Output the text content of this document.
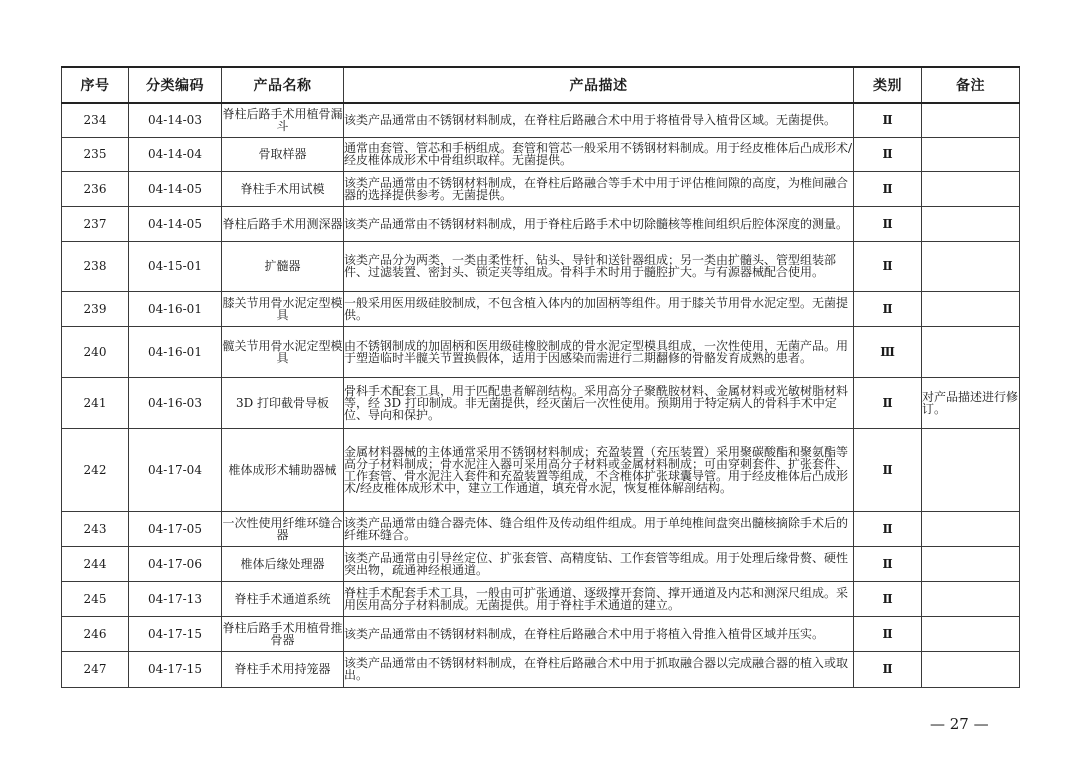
序号	分类编码	产品名称	产品描述	类别	备注
234	04-14-03	脊柱后路手术用植骨漏斗	该类产品通常由不锈钢材料制成，在脊柱后路融合术中用于将植骨导入植骨区域。无菌提供。	Ⅱ	
235	04-14-04	骨取样器	通常由套管、管芯和手柄组成。套管和管芯一般采用不锈钢材料制成。用于经皮椎体后凸成形术/经皮椎体成形术中骨组织取样。无菌提供。	Ⅱ	
236	04-14-05	脊柱手术用试模	该类产品通常由不锈钢材料制成，在脊柱后路融合等手术中用于评估椎间隙的高度，为椎间融合器的选择提供参考。无菌提供。	Ⅱ	
237	04-14-05	脊柱后路手术用测深器	该类产品通常由不锈钢材料制成，用于脊柱后路手术中切除髓核等椎间组织后腔体深度的测量。	Ⅱ	
238	04-15-01	扩髓器	该类产品分为两类，一类由柔性杆、钻头、导针和送针器组成；另一类由扩髓头、管型组装部件、过滤装置、密封头、锁定夹等组成。骨科手术时用于髓腔扩大。与有源器械配合使用。	Ⅱ	
239	04-16-01	膝关节用骨水泥定型模具	一般采用医用级硅胶制成，不包含植入体内的加固柄等组件。用于膝关节用骨水泥定型。无菌提供。	Ⅱ	
240	04-16-01	髋关节用骨水泥定型模具	由不锈钢制成的加固柄和医用级硅橡胶制成的骨水泥定型模具组成，一次性使用，无菌产品。用于塑造临时半髋关节置换假体，适用于因感染而需进行二期翻修的骨骼发育成熟的患者。	Ⅲ	
241	04-16-03	3D 打印截骨导板	骨科手术配套工具，用于匹配患者解剖结构。采用高分子聚酰胺材料、金属材料或光敏树脂材料等，经 3D 打印制成。非无菌提供，经灭菌后一次性使用。预期用于特定病人的骨科手术中定位、导向和保护。	Ⅱ	对产品描述进行修订。
242	04-17-04	椎体成形术辅助器械	金属材料器械的主体通常采用不锈钢材料制成；充盈装置（充压装置）采用聚碳酸酯和聚氨酯等高分子材料制成；骨水泥注入器可采用高分子材料或金属材料制成；可由穿刺套件、扩张套件、工作套管、骨水泥注入套件和充盈装置等组成，不含椎体扩张球囊导管。用于经皮椎体后凸成形术/经皮椎体成形术中，建立工作通道，填充骨水泥，恢复椎体解剖结构。	Ⅱ	
243	04-17-05	一次性使用纤维环缝合器	该类产品通常由缝合器壳体、缝合组件及传动组件组成。用于单纯椎间盘突出髓核摘除手术后的纤维环缝合。	Ⅱ	
244	04-17-06	椎体后缘处理器	该类产品通常由引导丝定位、扩张套管、高精度钻、工作套管等组成。用于处理后缘骨赘、硬性突出物，疏通神经根通道。	Ⅱ	
245	04-17-13	脊柱手术通道系统	脊柱手术配套手术工具，一般由可扩张通道、逐级撑开套筒、撑开通道及内芯和测深尺组成。采用医用高分子材料制成。无菌提供。用于脊柱手术通道的建立。	Ⅱ	
246	04-17-15	脊柱后路手术用植骨推骨器	该类产品通常由不锈钢材料制成，在脊柱后路融合术中用于将植入骨推入植骨区域并压实。	Ⅱ	
247	04-17-15	脊柱手术用持笼器	该类产品通常由不锈钢材料制成，在脊柱后路融合术中用于抓取融合器以完成融合器的植入或取出。	Ⅱ	
— 27 —
